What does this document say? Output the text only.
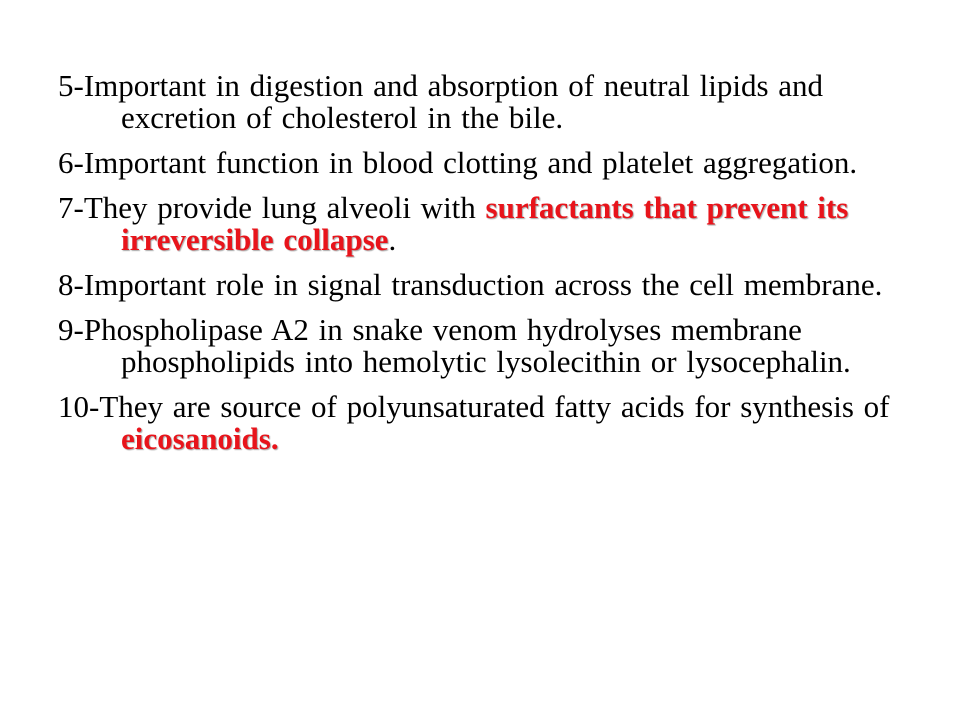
5-Important in digestion and absorption of neutral lipids and excretion of cholesterol in the bile.
6-Important function in blood clotting and platelet aggregation.
7-They provide lung alveoli with surfactants that prevent its irreversible collapse.
8-Important role in signal transduction across the cell membrane.
9-Phospholipase A2 in snake venom hydrolyses membrane phospholipids into hemolytic lysolecithin or lysocephalin.
10-They are source of polyunsaturated fatty acids for synthesis of eicosanoids.
